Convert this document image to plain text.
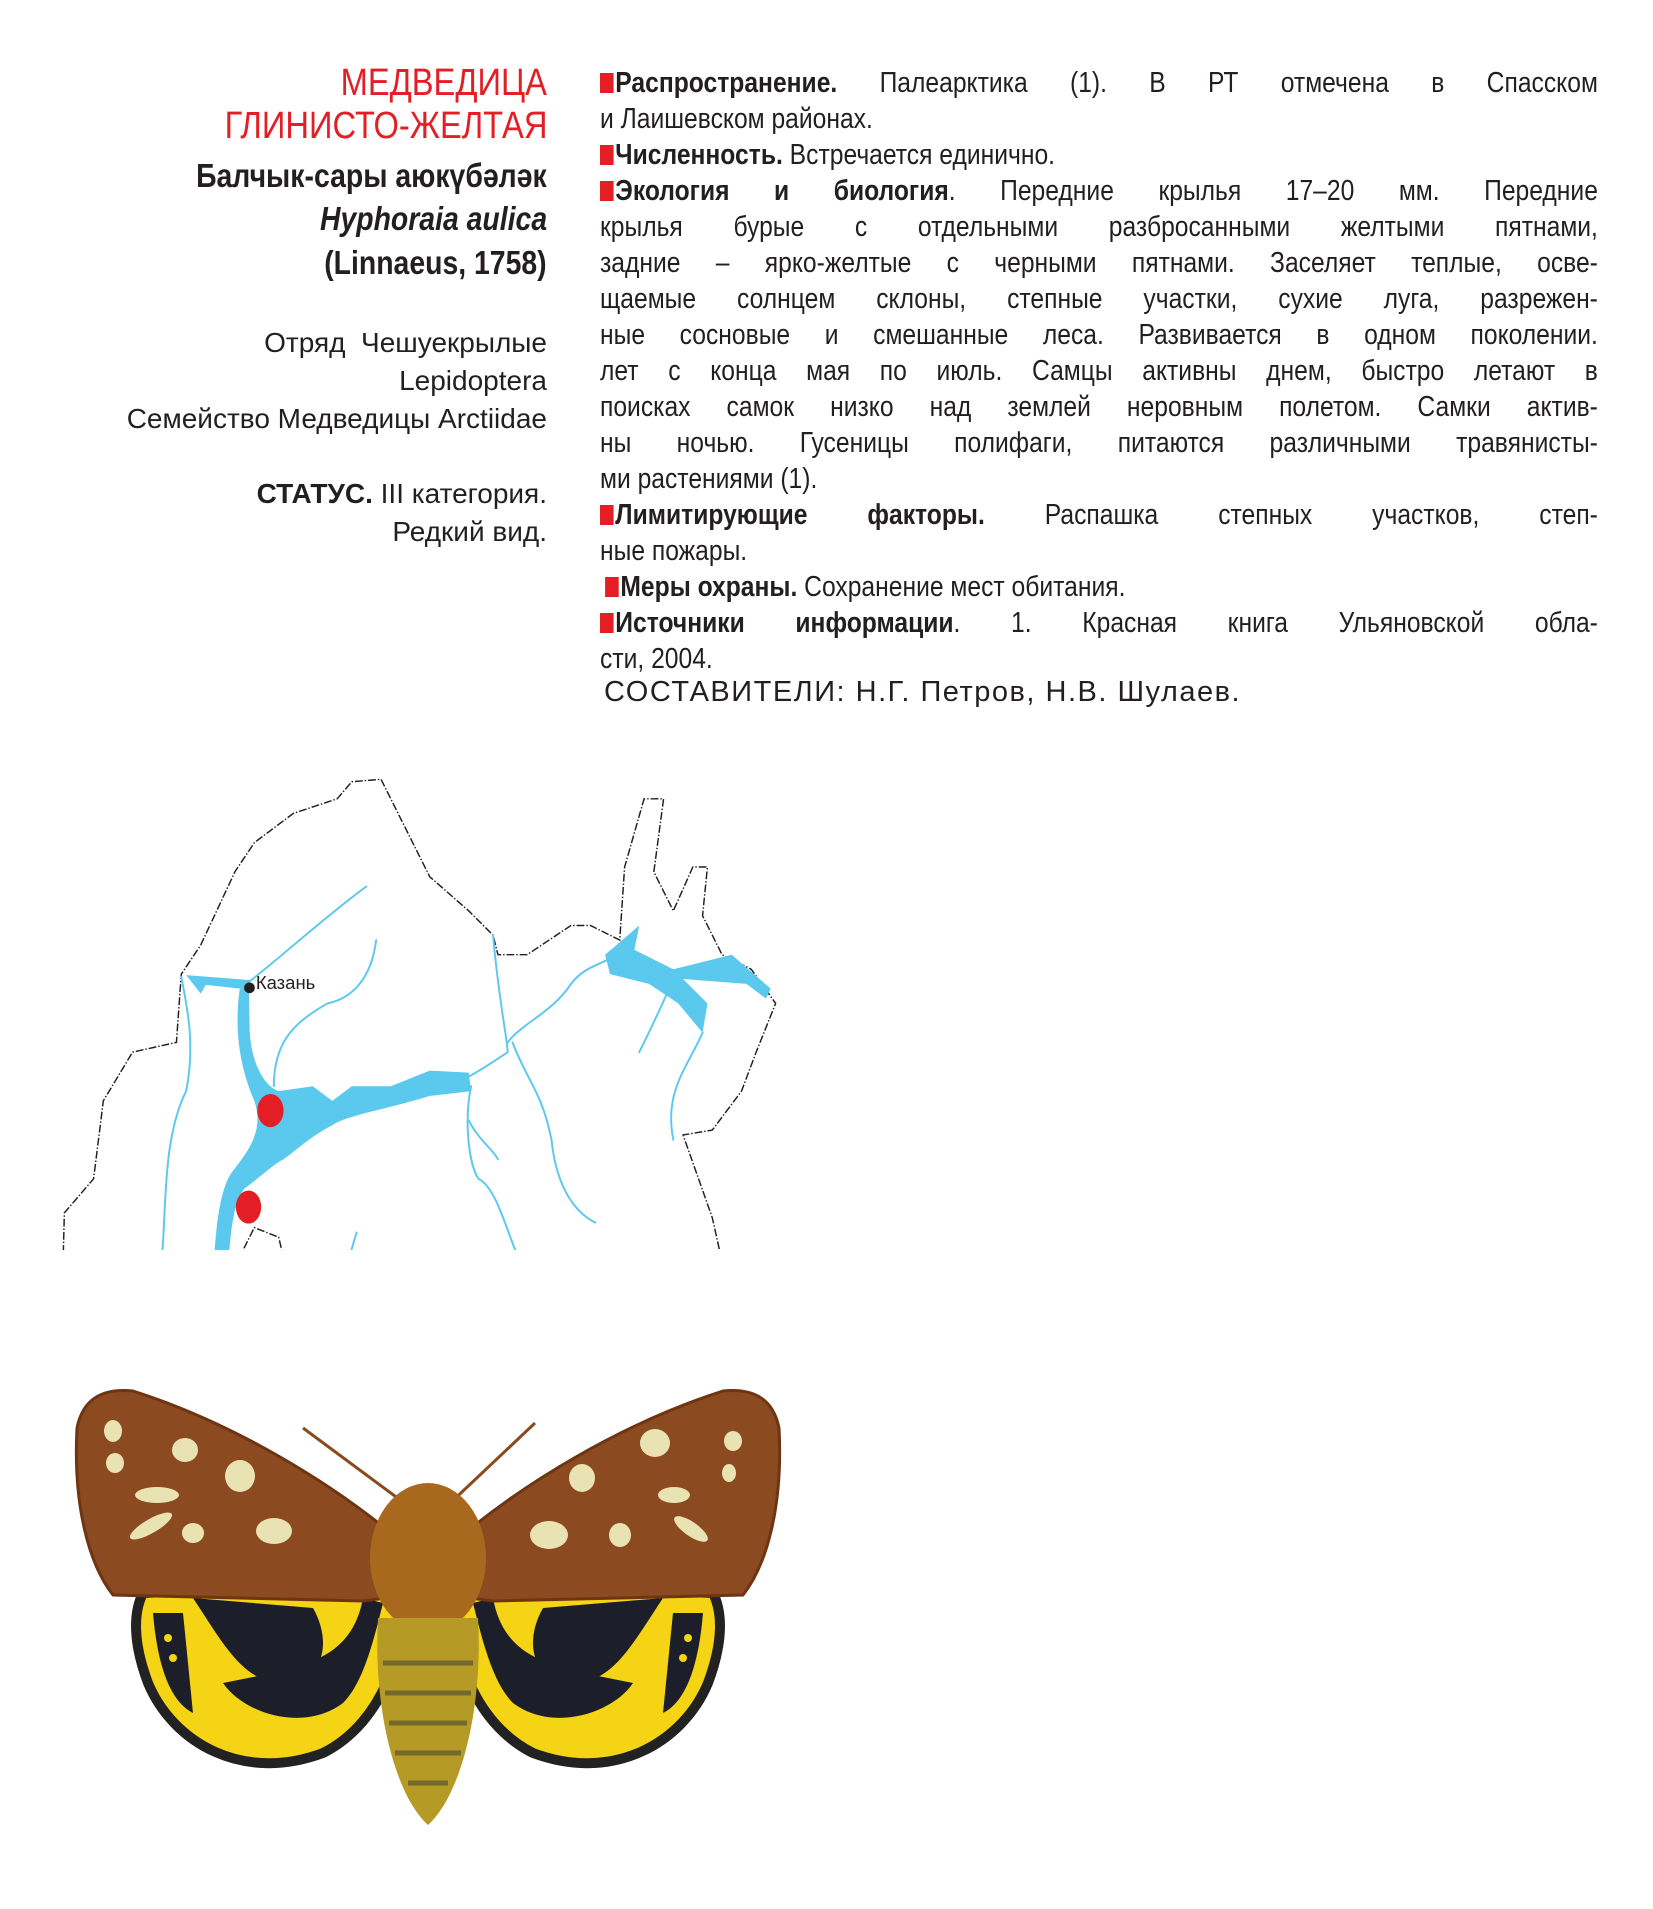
МЕДВЕДИЦА
ГЛИНИСТО-ЖЕЛТАЯ
Балчык-сары аюкүбәләк
Hyphoraia aulica
(Linnaeus, 1758)
Отряд  Чешуекрылые
Lepidoptera
Семейство Медведицы Arctiidae
СТАТУС. III категория.
Редкий вид.
Распространение. Палеарктика (1). В РТ отмечена в Спасском
и Лаишевском районах.
Численность. Встречается единично.
Экология и биология. Передние крылья 17–20 мм. Передние
крылья бурые с отдельными разбросанными желтыми пятнами,
задние – ярко-желтые с черными пятнами. Заселяет теплые, осве-
щаемые солнцем склоны, степные участки, сухие луга, разрежен-
ные сосновые и смешанные леса. Развивается в одном поколении.
лет с конца мая по июль. Самцы активны днем, быстро летают в
поисках самок низко над землей неровным полетом. Самки актив-
ны ночью. Гусеницы полифаги, питаются различными травянисты-
ми растениями (1).
Лимитирующие факторы. Распашка степных участков, степ-
ные пожары.
Меры охраны. Сохранение мест обитания.
Источники информации. 1. Красная книга Ульяновской обла-
сти, 2004.
СОСТАВИТЕЛИ: Н.Г. Петров, Н.В. Шулаев.
Казань
